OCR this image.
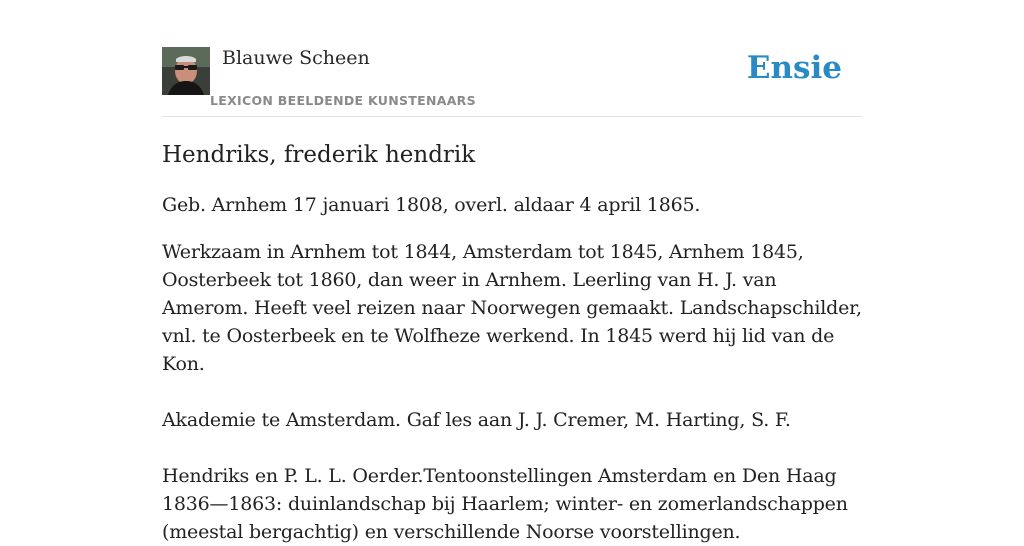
Blauwe Scheen
LEXICON BEELDENDE KUNSTENAARS
Ensie
Hendriks, frederik hendrik

Geb. Arnhem 17 januari 1808, overl. aldaar 4 april 1865.

Werkzaam in Arnhem tot 1844, Amsterdam tot 1845, Arnhem 1845, Oosterbeek tot 1860, dan weer in Arnhem. Leerling van H. J. van Amerom. Heeft veel reizen naar Noorwegen gemaakt. Landschapschilder, vnl. te Oosterbeek en te Wolfheze werkend. In 1845 werd hij lid van de Kon.

Akademie te Amsterdam. Gaf les aan J. J. Cremer, M. Harting, S. F.

Hendriks en P. L. L. Oerder.Tentoonstellingen Amsterdam en Den Haag 1836—1863: duinlandschap bij Haarlem; winter- en zomerlandschappen (meestal bergachtig) en verschillende Noorse voorstellingen.
